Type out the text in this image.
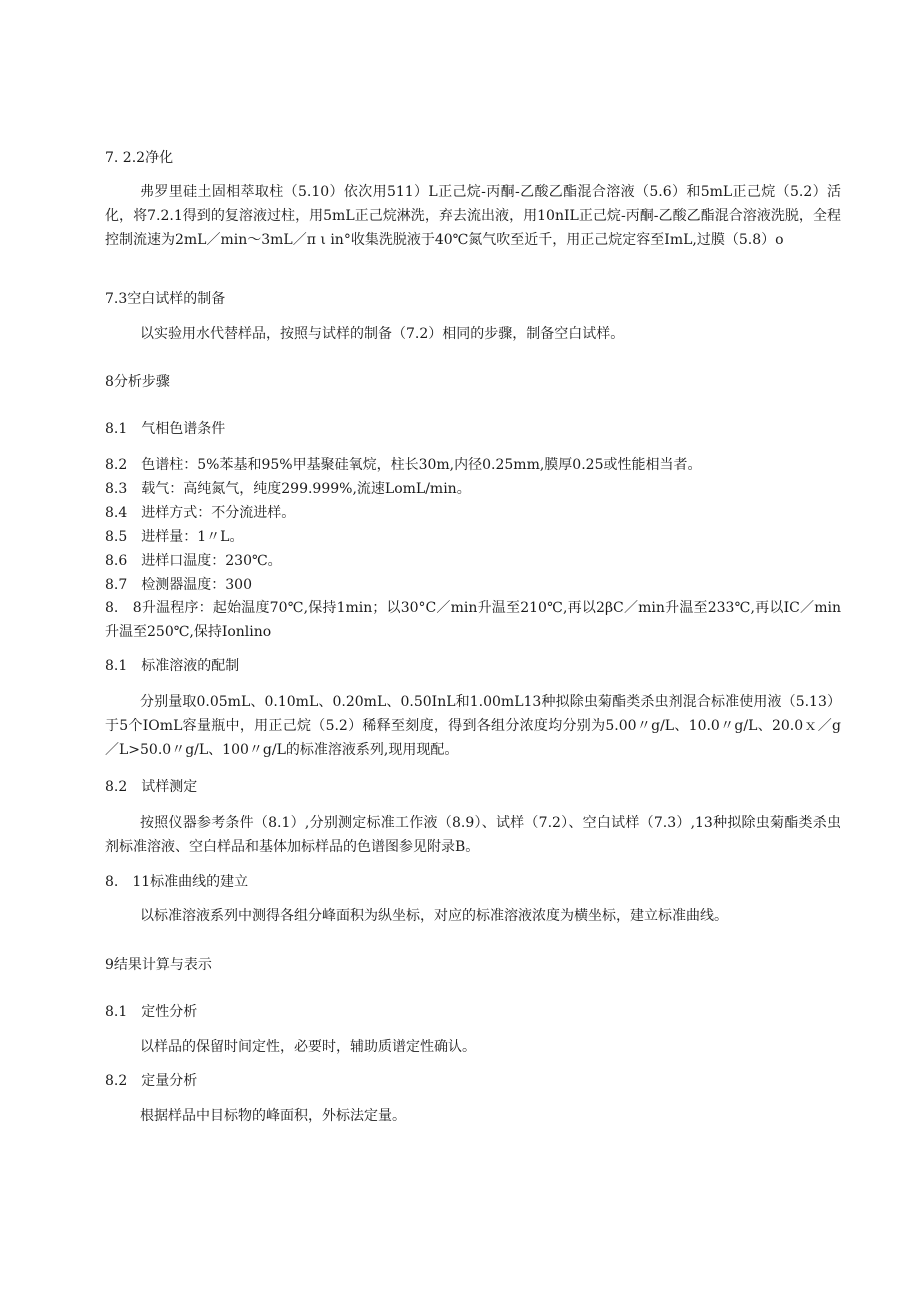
7. 2.2净化
弗罗里硅土固相萃取柱（5.10）依次用511）L正己烷-丙酮-乙酸乙酯混合溶液（5.6）和5mL正己烷（5.2）活化，将7.2.1得到的复溶液过柱，用5mL正己烷淋洗，弃去流出液，用10nIL正己烷-丙酮-乙酸乙酯混合溶液洗脱，全程控制流速为2mL／min～3mL／π ι in°收集洗脱液于40℃氮气吹至近千，用正己烷定容至ImL,过膜（5.8）o
7.3空白试样的制备
以实验用水代替样品，按照与试样的制备（7.2）相同的步骤，制备空白试样。
8分析步骤
8.1　气相色谱条件
8.2　色谱柱：5%苯基和95%甲基聚硅氧烷，柱长30m,内径0.25mm,膜厚0.25或性能相当者。
8.3　载气：高纯氮气，纯度299.999%,流速LomL/min。
8.4　进样方式：不分流进样。
8.5　进样量：1〃L。
8.6　进样口温度：230℃。
8.7　检测器温度：300
8.　8升温程序：起始温度70℃,保持1min；以30°C／min升温至210℃,再以2βC／min升温至233℃,再以IC／min升温至250℃,保持Ionlino
8.1　标准溶液的配制
分别量取0.05mL、0.10mL、0.20mL、0.50InL和1.00mL13种拟除虫菊酯类杀虫剂混合标准使用液（5.13）于5个IOmL容量瓶中，用正己烷（5.2）稀释至刻度，得到各组分浓度均分别为5.00〃g/L、10.0〃g/L、20.0ｘ／g／L>50.0〃g/L、100〃g/L的标准溶液系列,现用现配。
8.2　试样测定
按照仪器参考条件（8.1）,分别测定标准工作液（8.9）、试样（7.2）、空白试样（7.3）,13种拟除虫菊酯类杀虫剂标准溶液、空白样品和基体加标样品的色谱图参见附录B。
8.　11标准曲线的建立
以标准溶液系列中测得各组分峰面积为纵坐标，对应的标准溶液浓度为横坐标，建立标准曲线。
9结果计算与表示
8.1　定性分析
以样品的保留时间定性，必要时，辅助质谱定性确认。
8.2　定量分析
根据样品中目标物的峰面积，外标法定量。
